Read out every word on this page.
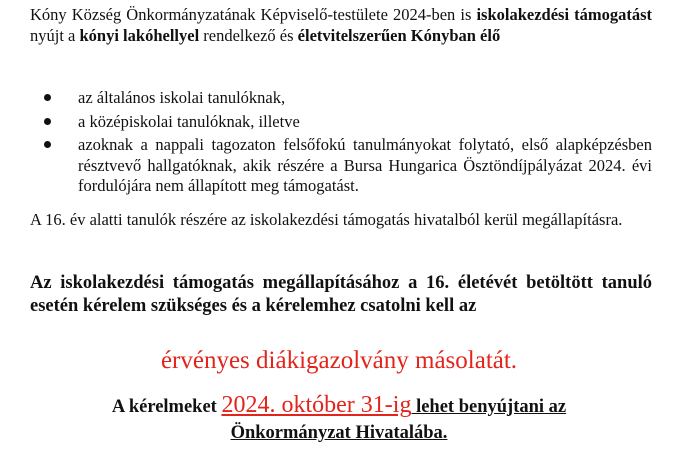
Kóny Község Önkormányzatának Képviselő-testülete 2024-ben is iskolakezdési támogatást nyújt a kónyi lakóhellyel rendelkező és életvitelszerűen Kónyban élő
az általános iskolai tanulóknak,
a középiskolai tanulóknak, illetve
azoknak a nappali tagozaton felsőfokú tanulmányokat folytató, első alapképzésben résztvevő hallgatóknak, akik részére a Bursa Hungarica Ösztöndíjpályázat 2024. évi fordulójára nem állapított meg támogatást.
A 16. év alatti tanulók részére az iskolakezdési támogatás hivatalból kerül megállapításra.
Az iskolakezdési támogatás megállapításához a 16. életévét betöltött tanuló esetén kérelem szükséges és a kérelemhez csatolni kell az
érvényes diákigazolvány másolatát.
A kérelmeket 2024. október 31-ig lehet benyújtani az
Önkormányzat Hivatalába.
